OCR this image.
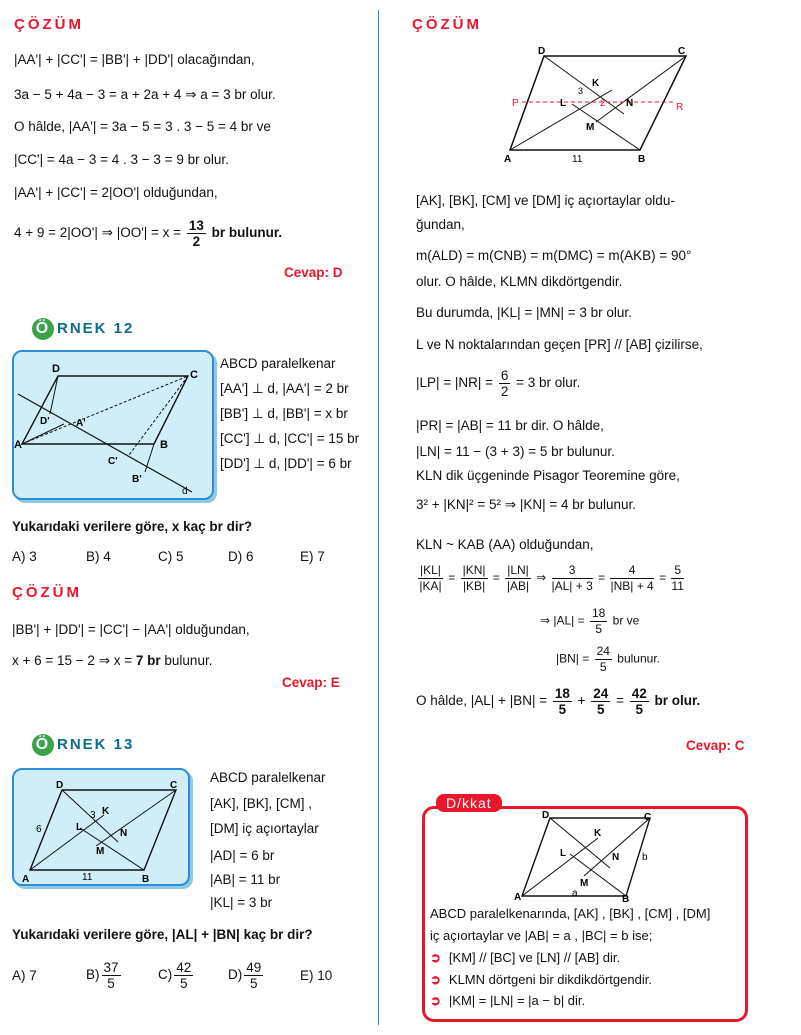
ÇÖZÜM
|AA'| + |CC'| = |BB'| + |DD'| olacağından,
3a − 5 + 4a − 3 = a + 2a + 4 ⇒ a = 3 br olur.
O hâlde, |AA'| = 3a − 5 = 3 . 3 − 5 = 4 br ve
|CC'| = 4a − 3 = 4 . 3 − 3 = 9 br olur.
|AA'| + |CC'| = 2|OO'| olduğundan,
4 + 9 = 2|OO'| ⇒ $|OO'| = x = \frac{13}{2}$ br bulunur.
Cevap: D
Ö RNEK 12
D	C
A	B
D'	A'
C'
B'
d
ABCD paralelkenar
[AA'] ⊥ d, |AA'| = 2 br
[BB'] ⊥ d, |BB'| = x br
[CC'] ⊥ d, |CC'| = 15 br
[DD'] ⊥ d, |DD'| = 6 br
Yukarıdaki verilere göre, x kaç br dir?
A) 3	B) 4	C) 5	D) 6	E) 7
ÇÖZÜM
|BB'| + |DD'| = |CC'| − |AA'| olduğundan,
x + 6 = 15 − 2 ⇒ x = 7 br bulunur.
Cevap: E
Ö RNEK 13
D	C
A	B
K
L
M
N
6
3
11
ABCD paralelkenar
[AK], [BK], [CM] ,
[DM] iç açıortaylar
|AD| = 6 br
|AB| = 11 br
|KL| = 3 br
Yukarıdaki verilere göre, |AL| + |BN| kaç br dir?
A) 7	$B) \frac{37}{5}$	$C) \frac{42}{5}$	$D) \frac{49}{5}$	E) 10
ÇÖZÜM
D	C
A	B
K
L
M
N
P	R
11
3
2
[AK], [BK], [CM] ve [DM] iç açıortaylar oldu-
ğundan,
m(ALD) = m(CNB) = m(DMC) = m(AKB) = 90°
olur. O hâlde, KLMN dikdörtgendir.
Bu durumda, |KL| = |MN| = 3 br olur.
L ve N noktalarından geçen [PR] // [AB] çizilirse,
$|LP| = |NR| = \frac{6}{2} = 3$ br olur.
|PR| = |AB| = 11 br dir. O hâlde,
|LN| = 11 − (3 + 3) = 5 br bulunur.
KLN dik üçgeninde Pisagor Teoremine göre,
3² + |KN|² = 5² ⇒ |KN| = 4 br bulunur.
KLN ~ KAB (AA) olduğundan,
$\frac{|KL|}{|KA|} = \frac{|KN|}{|KB|} = \frac{|LN|}{|AB|}$ ⇒ $\frac{3}{|AL| + 3} = \frac{4}{|NB| + 4} = \frac{5}{11}$
⇒ $|AL| = \frac{18}{5}$ br ve
$|BN| = \frac{24}{5}$ bulunur.
O hâlde, $|AL| + |BN| = \frac{18}{5} + \frac{24}{5} = \frac{42}{5}$ br olur.
Cevap: C
D/kkat
D	C
A	B
K
L
M
N
a
b
ABCD paralelkenarında, [AK] , [BK] , [CM] , [DM]
iç açıortaylar ve |AB| = a , |BC| = b ise;
➲ [KM] // [BC] ve [LN] // [AB] dir.
➲ KLMN dörtgeni bir dikdikdörtgendir.
➲ |KM| = |LN| = |a − b| dir.
